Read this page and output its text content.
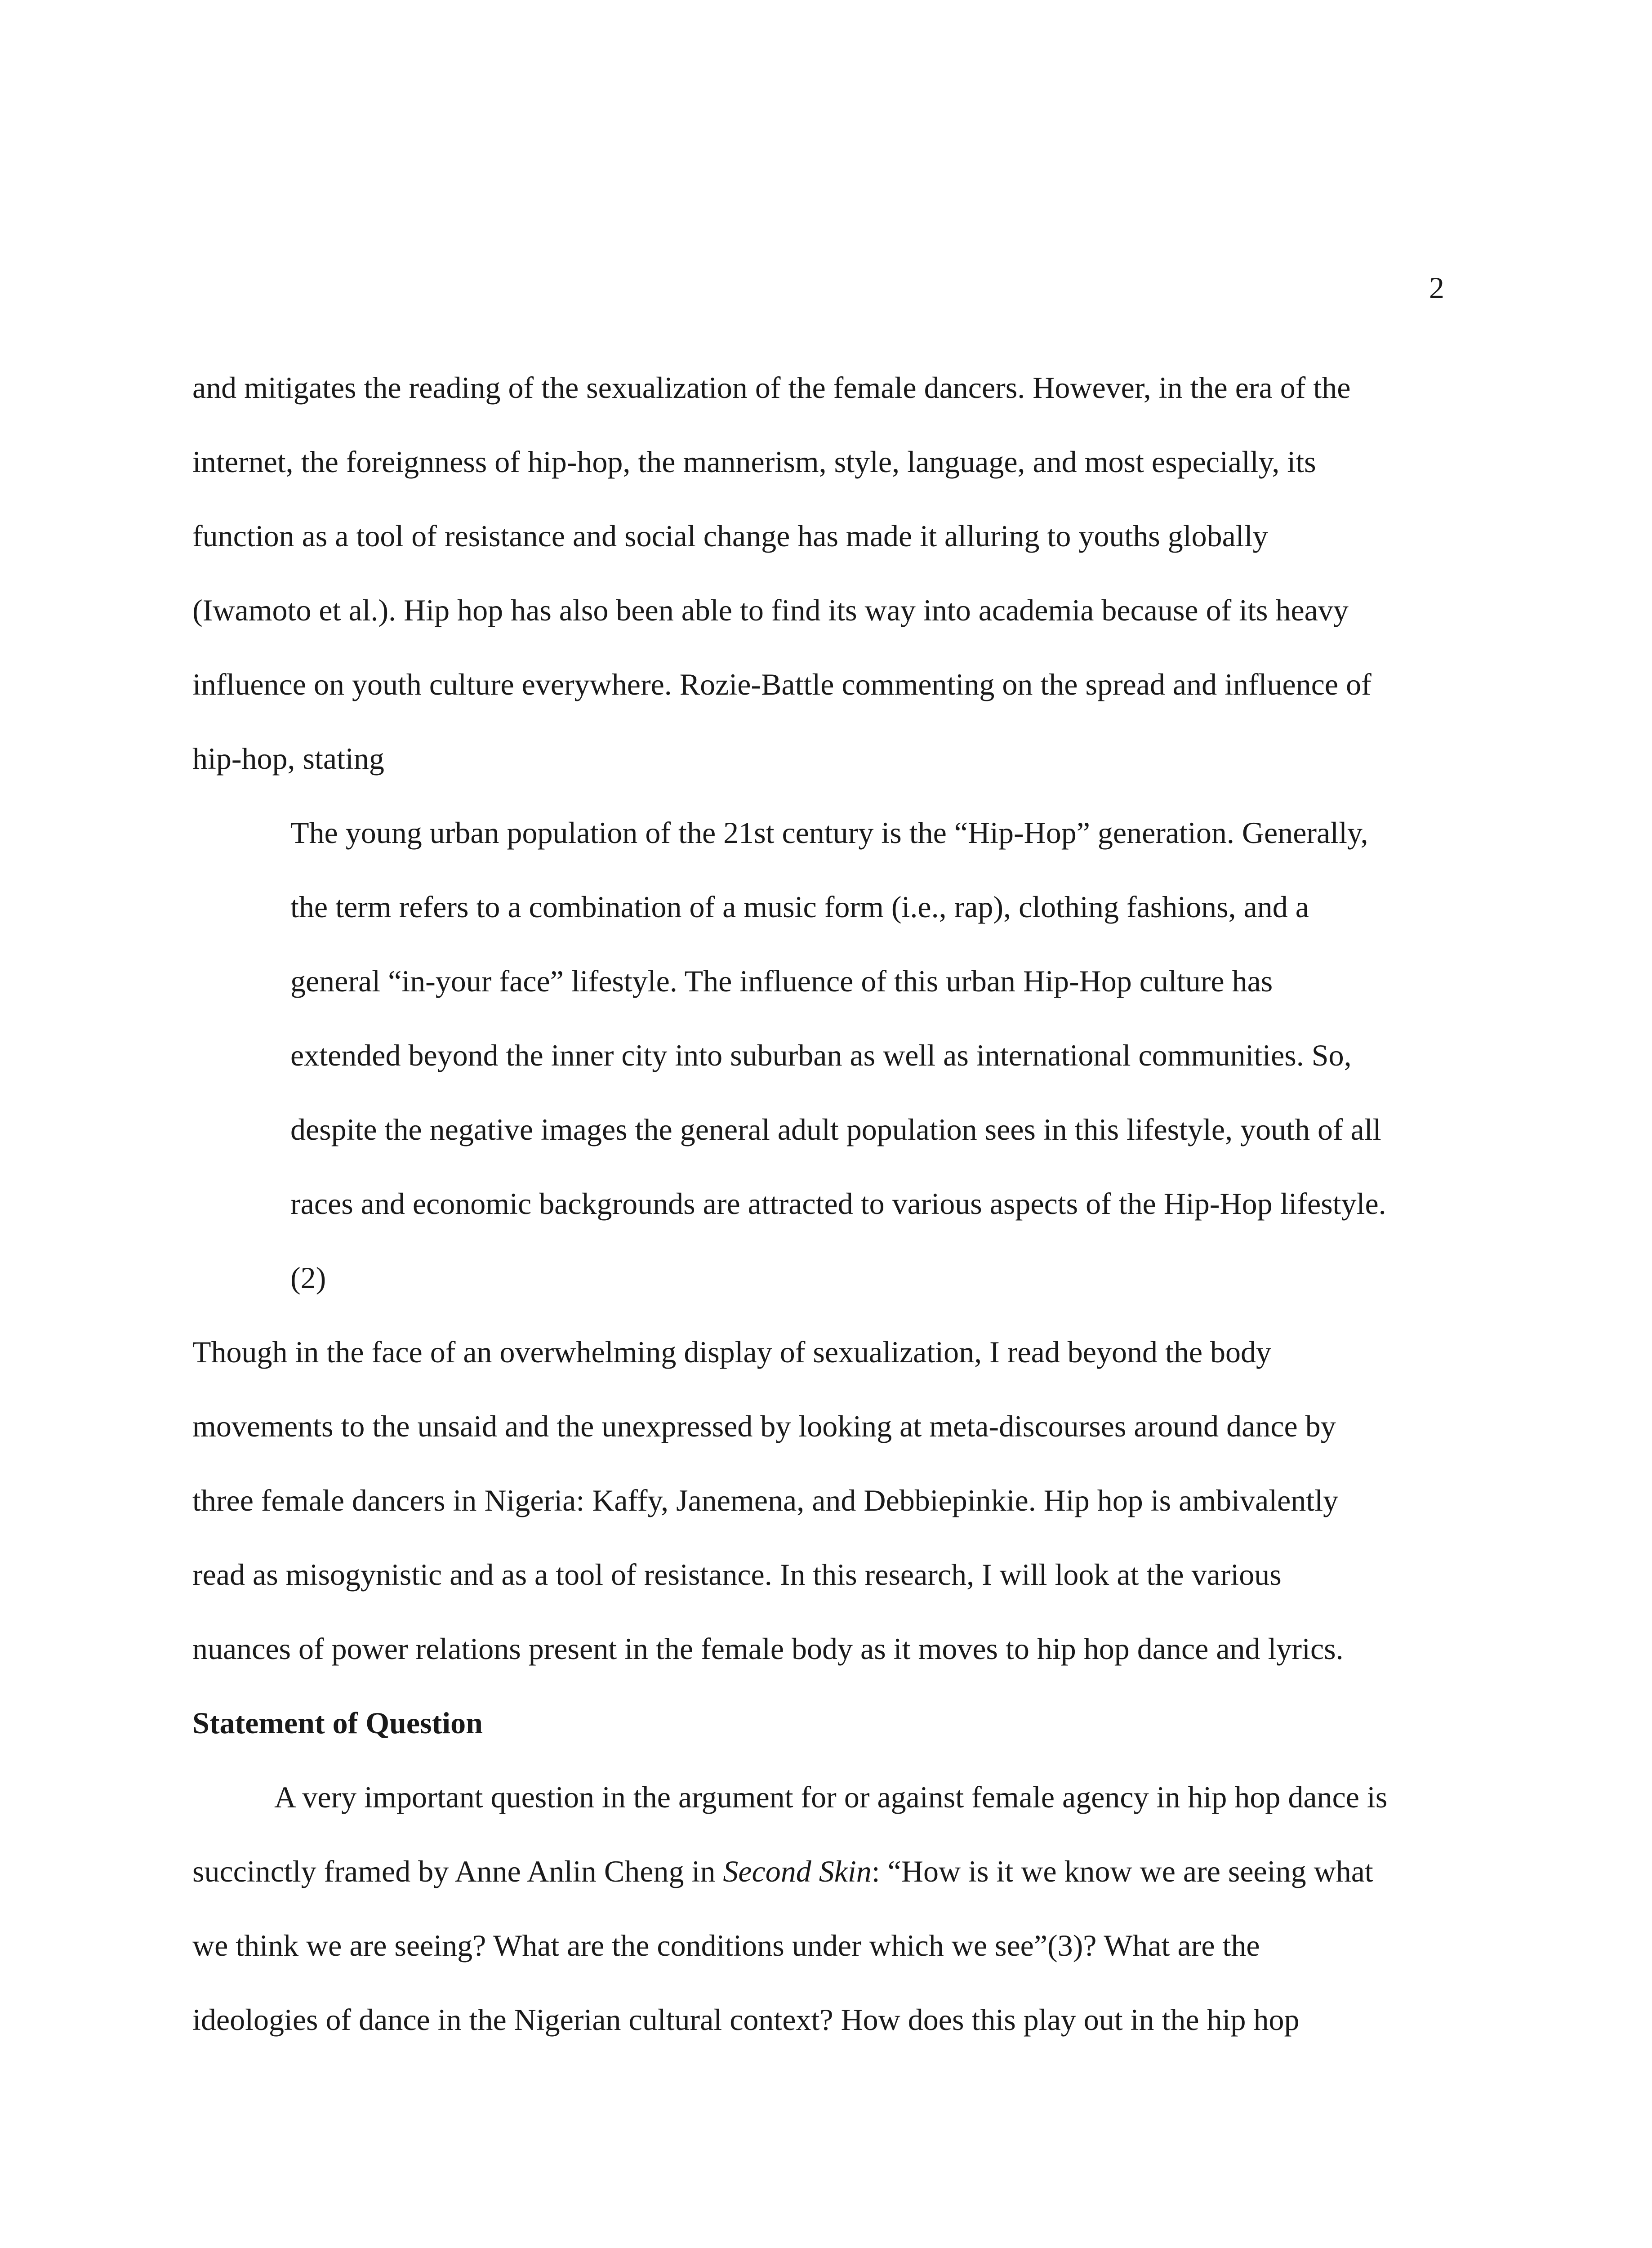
2
and mitigates the reading of the sexualization of the female dancers. However, in the era of the
internet, the foreignness of hip-hop, the mannerism, style, language, and most especially, its
function as a tool of resistance and social change has made it alluring to youths globally
(Iwamoto et al.). Hip hop has also been able to find its way into academia because of its heavy
influence on youth culture everywhere. Rozie-Battle commenting on the spread and influence of
hip-hop, stating
The young urban population of the 21st century is the “Hip-Hop” generation. Generally,
the term refers to a combination of a music form (i.e., rap), clothing fashions, and a
general “in-your face” lifestyle. The influence of this urban Hip-Hop culture has
extended beyond the inner city into suburban as well as international communities. So,
despite the negative images the general adult population sees in this lifestyle, youth of all
races and economic backgrounds are attracted to various aspects of the Hip-Hop lifestyle.
(2)
Though in the face of an overwhelming display of sexualization, I read beyond the body
movements to the unsaid and the unexpressed by looking at meta-discourses around dance by
three female dancers in Nigeria: Kaffy, Janemena, and Debbiepinkie. Hip hop is ambivalently
read as misogynistic and as a tool of resistance. In this research, I will look at the various
nuances of power relations present in the female body as it moves to hip hop dance and lyrics.
Statement of Question
A very important question in the argument for or against female agency in hip hop dance is
succinctly framed by Anne Anlin Cheng in Second Skin: “How is it we know we are seeing what
we think we are seeing? What are the conditions under which we see”(3)? What are the
ideologies of dance in the Nigerian cultural context? How does this play out in the hip hop
